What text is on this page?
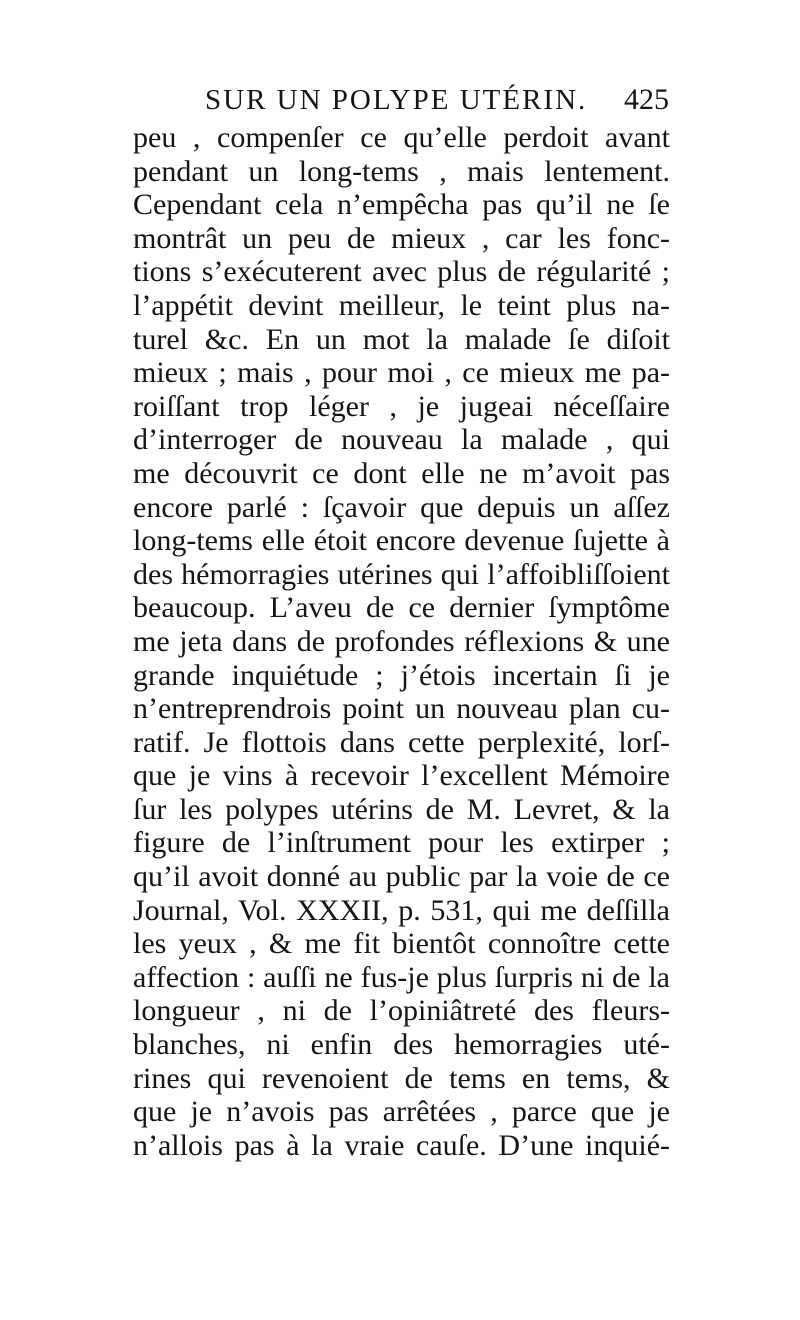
SUR UN POLYPE UTÉRIN. 425
peu , compenſer ce qu’elle perdoit avant
pendant un long-tems , mais lentement.
Cependant cela n’empêcha pas qu’il ne ſe
montrât un peu de mieux , car les fonc-
tions s’exécuterent avec plus de régularité ;
l’appétit devint meilleur, le teint plus na-
turel &c. En un mot la malade ſe diſoit
mieux ; mais , pour moi , ce mieux me pa-
roiſſant trop léger , je jugeai néceſſaire
d’interroger de nouveau la malade , qui
me découvrit ce dont elle ne m’avoit pas
encore parlé : ſçavoir que depuis un aſſez
long-tems elle étoit encore devenue ſujette à
des hémorragies utérines qui l’affoibliſſoient
beaucoup. L’aveu de ce dernier ſymptôme
me jeta dans de profondes réflexions & une
grande inquiétude ; j’étois incertain ſi je
n’entreprendrois point un nouveau plan cu-
ratif. Je flottois dans cette perplexité, lorſ-
que je vins à recevoir l’excellent Mémoire
ſur les polypes utérins de M. Levret, & la
figure de l’inſtrument pour les extirper ;
qu’il avoit donné au public par la voie de ce
Journal, Vol. XXXII, p. 531, qui me deſſilla
les yeux , & me fit bientôt connoître cette
affection : auſſi ne fus-je plus ſurpris ni de la
longueur , ni de l’opiniâtreté des fleurs-
blanches, ni enfin des hemorragies uté-
rines qui revenoient de tems en tems, &
que je n’avois pas arrêtées , parce que je
n’allois pas à la vraie cauſe. D’une inquié-
